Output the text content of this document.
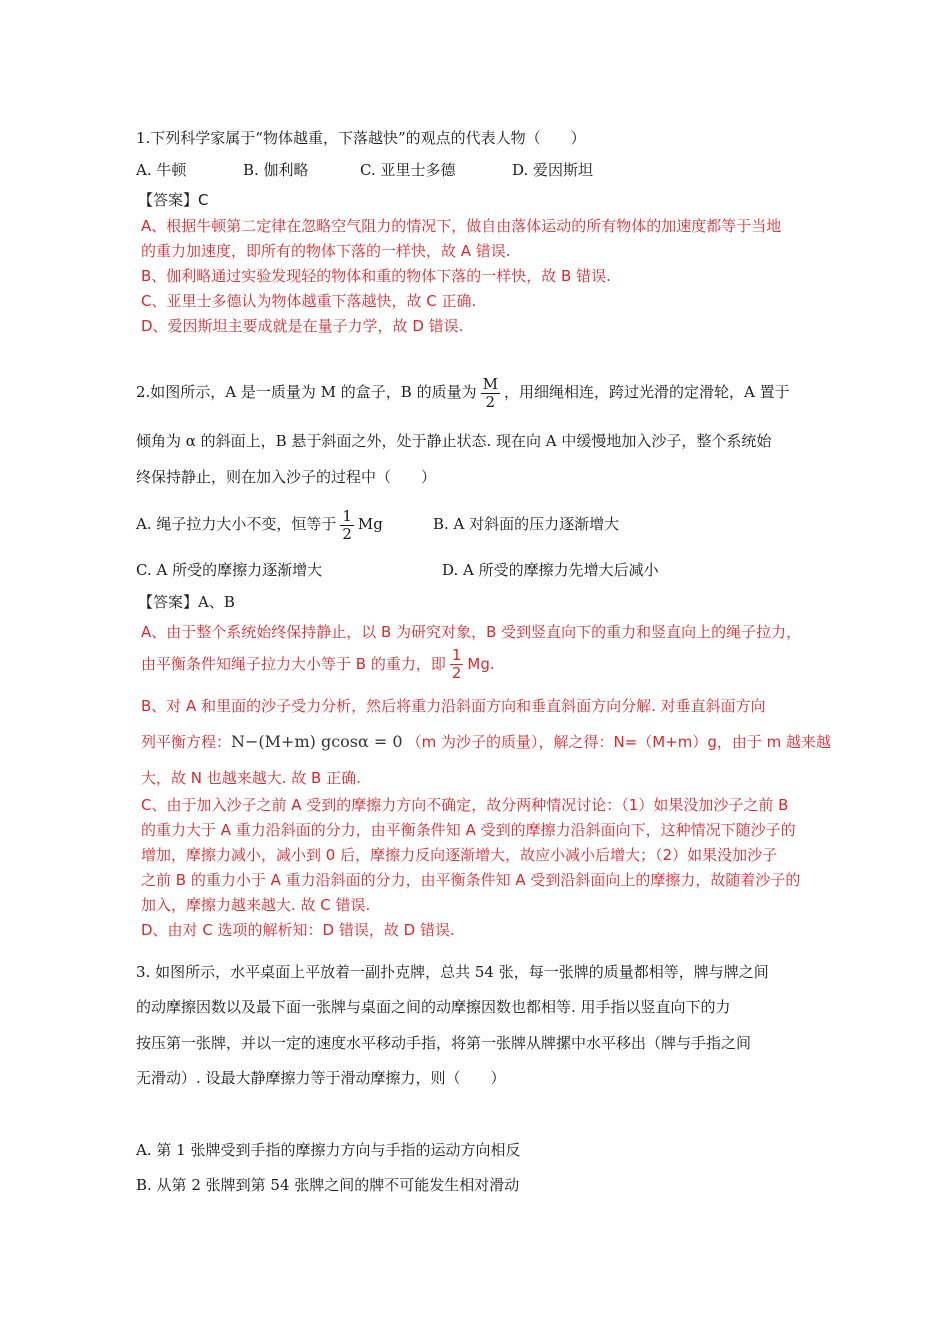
1.下列科学家属于“物体越重，下落越快”的观点的代表人物（　　）
A. 牛顿	B. 伽利略	C. 亚里士多德	D. 爱因斯坦
【答案】C
A、根据牛顿第二定律在忽略空气阻力的情况下，做自由落体运动的所有物体的加速度都等于当地
的重力加速度，即所有的物体下落的一样快，故 A 错误.
B、伽利略通过实验发现轻的物体和重的物体下落的一样快，故 B 错误.
C、亚里士多德认为物体越重下落越快，故 C 正确.
D、爱因斯坦主要成就是在量子力学，故 D 错误.
2.如图所示，A 是一质量为 M 的盒子，B 的质量为 $\frac{M}{2}$ ，用细绳相连，跨过光滑的定滑轮，A 置于
倾角为 α 的斜面上，B 悬于斜面之外，处于静止状态. 现在向 A 中缓慢地加入沙子，整个系统始
终保持静止，则在加入沙子的过程中（　　）
A. 绳子拉力大小不变，恒等于 $\frac{1}{2}$ Mg	B. A 对斜面的压力逐渐增大
C. A 所受的摩擦力逐渐增大	D. A 所受的摩擦力先增大后减小
【答案】A、B
A、由于整个系统始终保持静止，以 B 为研究对象，B 受到竖直向下的重力和竖直向上的绳子拉力，
由平衡条件知绳子拉力大小等于 B 的重力，即 $\frac{1}{2} Mg$.
B、对 A 和里面的沙子受力分析，然后将重力沿斜面方向和垂直斜面方向分解. 对垂直斜面方向
列平衡方程：N−(M+m) gcosα = 0 （m 为沙子的质量），解之得：N=（M+m）g，由于 m 越来越
大，故 N 也越来越大. 故 B 正确.
C、由于加入沙子之前 A 受到的摩擦力方向不确定，故分两种情况讨论：（1）如果没加沙子之前 B
的重力大于 A 重力沿斜面的分力，由平衡条件知 A 受到的摩擦力沿斜面向下，这种情况下随沙子的
增加，摩擦力减小，减小到 0 后，摩擦力反向逐渐增大，故应小减小后增大；（2）如果没加沙子
之前 B 的重力小于 A 重力沿斜面的分力，由平衡条件知 A 受到沿斜面向上的摩擦力，故随着沙子的
加入，摩擦力越来越大. 故 C 错误.
D、由对 C 选项的解析知：D 错误，故 D 错误.
3. 如图所示，水平桌面上平放着一副扑克牌，总共 54 张，每一张牌的质量都相等，牌与牌之间
的动摩擦因数以及最下面一张牌与桌面之间的动摩擦因数也都相等. 用手指以竖直向下的力
按压第一张牌，并以一定的速度水平移动手指，将第一张牌从牌摞中水平移出（牌与手指之间
无滑动）. 设最大静摩擦力等于滑动摩擦力，则（　　）
A. 第 1 张牌受到手指的摩擦力方向与手指的运动方向相反
B. 从第 2 张牌到第 54 张牌之间的牌不可能发生相对滑动
